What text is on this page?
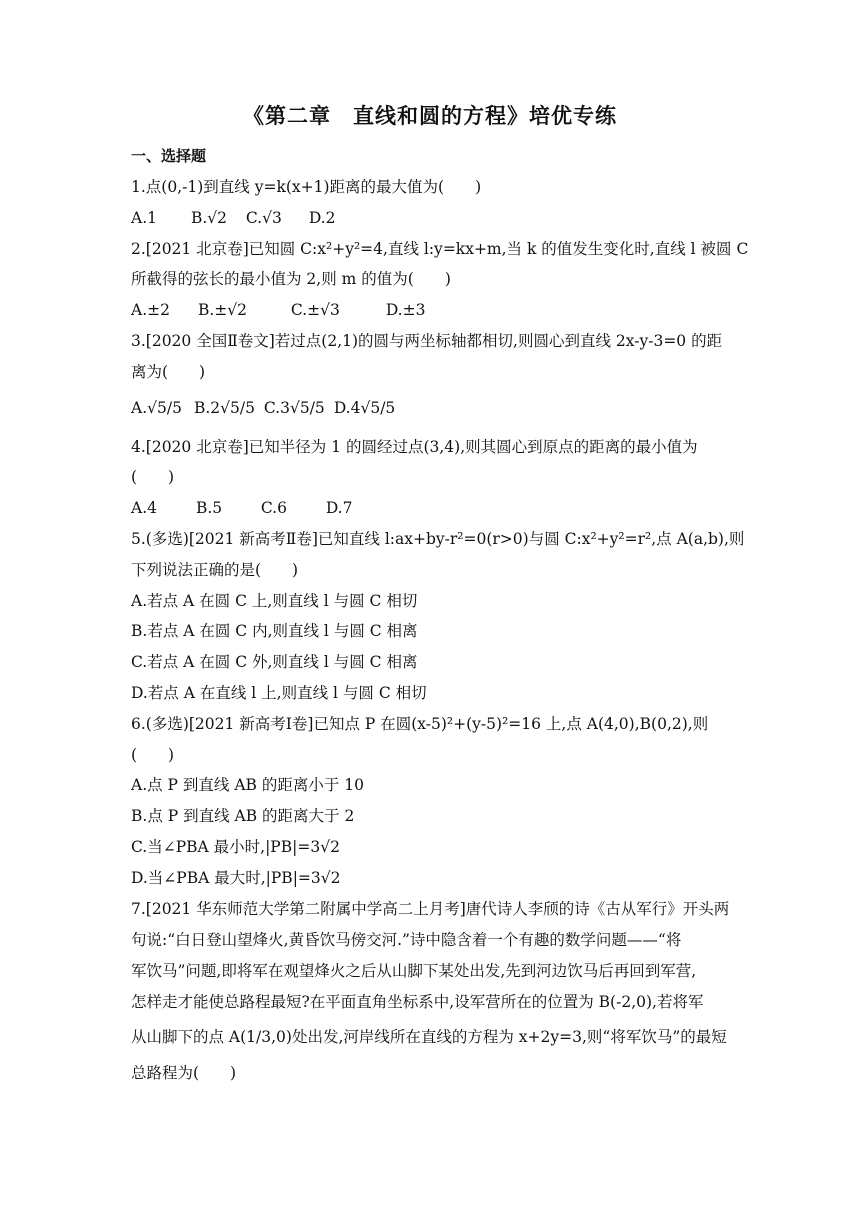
《第二章　直线和圆的方程》培优专练
一、选择题
1.点(0,-1)到直线 y=k(x+1)距离的最大值为(　　)
A.1 B.√2 C.√3 D.2
2.[2021 北京卷]已知圆 C:x²+y²=4,直线 l:y=kx+m,当 k 的值发生变化时,直线 l 被圆 C
所截得的弦长的最小值为 2,则 m 的值为(　　)
A.±2 B.±√2	C.±√3	D.±3
3.[2020 全国Ⅱ卷文]若过点(2,1)的圆与两坐标轴都相切,则圆心到直线 2x-y-3=0 的距
离为(　　)
A.√5/5 B.2√5/5 C.3√5/5 D.4√5/5
4.[2020 北京卷]已知半径为 1 的圆经过点(3,4),则其圆心到原点的距离的最小值为
(　　)
A.4	B.5	C.6	D.7
5.(多选)[2021 新高考Ⅱ卷]已知直线 l:ax+by-r²=0(r>0)与圆 C:x²+y²=r²,点 A(a,b),则
下列说法正确的是(　　)
A.若点 A 在圆 C 上,则直线 l 与圆 C 相切
B.若点 A 在圆 C 内,则直线 l 与圆 C 相离
C.若点 A 在圆 C 外,则直线 l 与圆 C 相离
D.若点 A 在直线 l 上,则直线 l 与圆 C 相切
6.(多选)[2021 新高考Ⅰ卷]已知点 P 在圆(x-5)²+(y-5)²=16 上,点 A(4,0),B(0,2),则
(　　)
A.点 P 到直线 AB 的距离小于 10
B.点 P 到直线 AB 的距离大于 2
C.当∠PBA 最小时,|PB|=3√2
D.当∠PBA 最大时,|PB|=3√2
7.[2021 华东师范大学第二附属中学高二上月考]唐代诗人李颀的诗《古从军行》开头两
句说:“白日登山望烽火,黄昏饮马傍交河.”诗中隐含着一个有趣的数学问题——“将
军饮马”问题,即将军在观望烽火之后从山脚下某处出发,先到河边饮马后再回到军营,
怎样走才能使总路程最短?在平面直角坐标系中,设军营所在的位置为 B(-2,0),若将军
从山脚下的点 A(1/3,0)处出发,河岸线所在直线的方程为 x+2y=3,则“将军饮马”的最短
总路程为(　　)
